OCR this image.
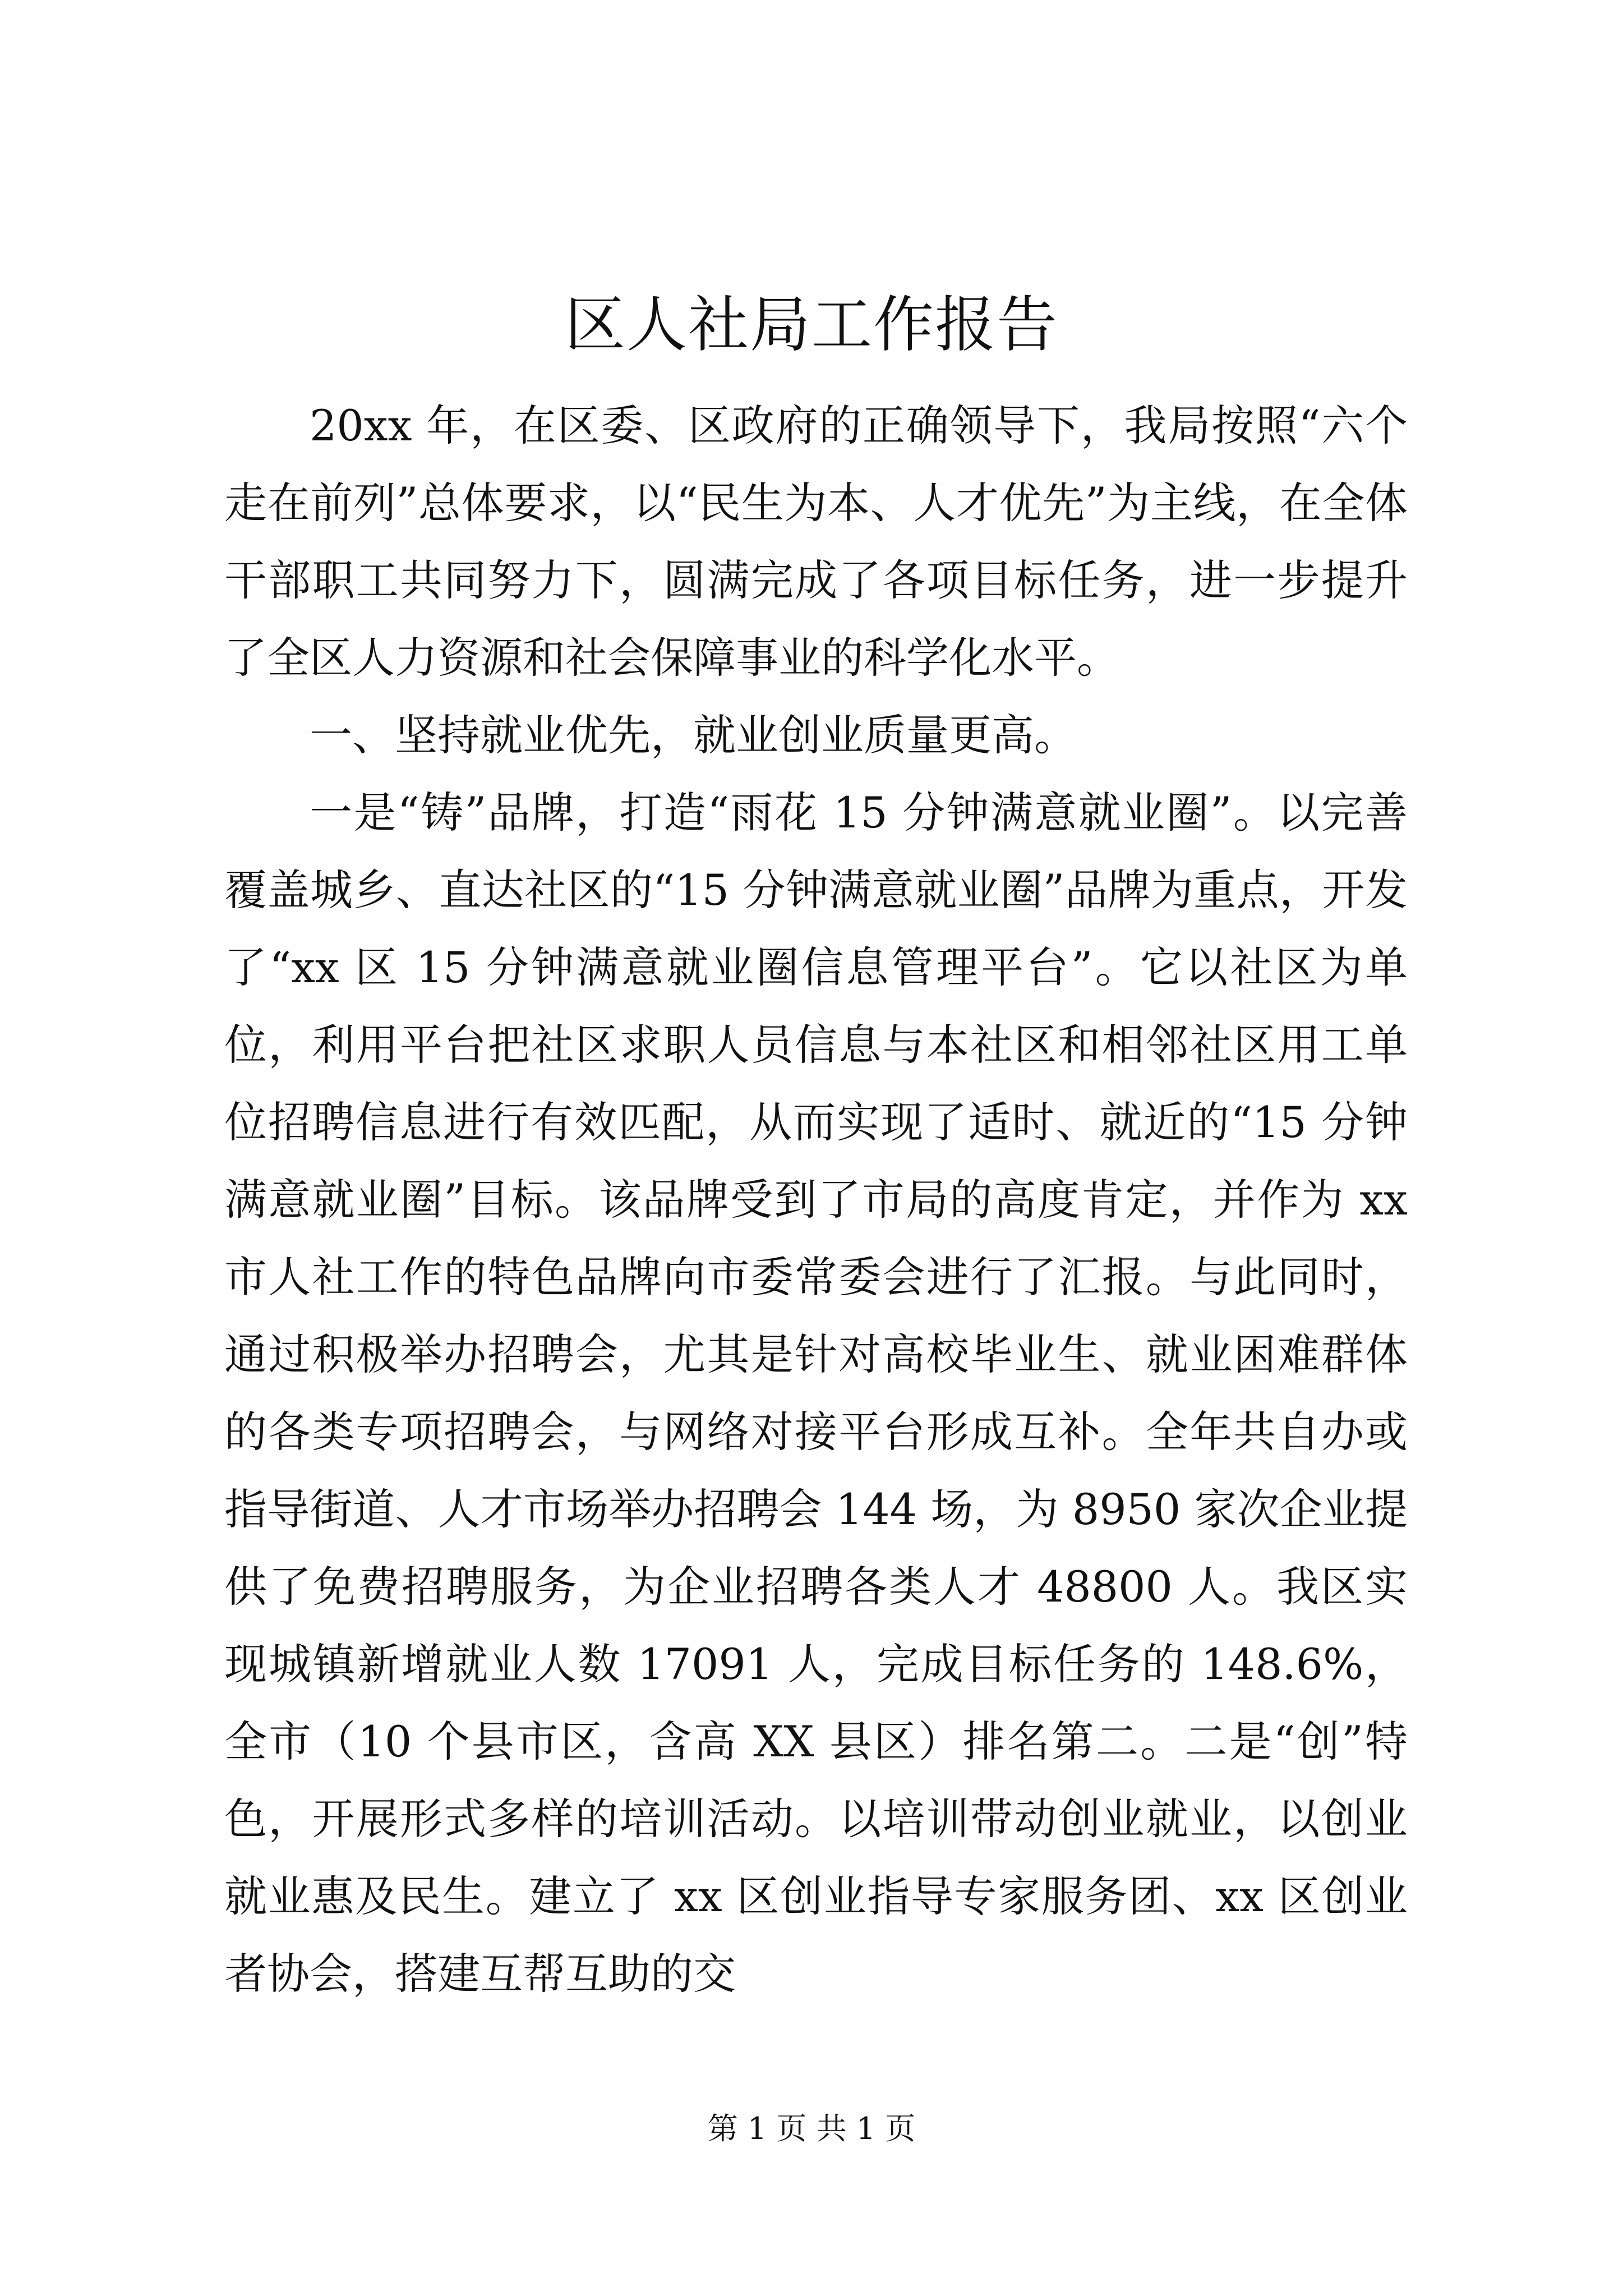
区人社局工作报告

20xx 年，在区委、区政府的正确领导下，我局按照“六个走在前列”总体要求，以“民生为本、人才优先”为主线，在全体干部职工共同努力下，圆满完成了各项目标任务，进一步提升了全区人力资源和社会保障事业的科学化水平。

一、坚持就业优先，就业创业质量更高。

一是“铸”品牌，打造“雨花 15 分钟满意就业圈”。以完善覆盖城乡、直达社区的“15 分钟满意就业圈”品牌为重点，开发了“xx 区 15 分钟满意就业圈信息管理平台”。它以社区为单位，利用平台把社区求职人员信息与本社区和相邻社区用工单位招聘信息进行有效匹配，从而实现了适时、就近的“15 分钟满意就业圈”目标。该品牌受到了市局的高度肯定，并作为 xx 市人社工作的特色品牌向市委常委会进行了汇报。与此同时，通过积极举办招聘会，尤其是针对高校毕业生、就业困难群体的各类专项招聘会，与网络对接平台形成互补。全年共自办或指导街道、人才市场举办招聘会 144 场，为 8950 家次企业提供了免费招聘服务，为企业招聘各类人才 48800 人。我区实现城镇新增就业人数 17091 人，完成目标任务的 148.6%，全市（10 个县市区，含高 XX 县区）排名第二。二是“创”特色，开展形式多样的培训活动。以培训带动创业就业，以创业就业惠及民生。建立了 xx 区创业指导专家服务团、xx 区创业者协会，搭建互帮互助的交

第 1 页 共 1 页
